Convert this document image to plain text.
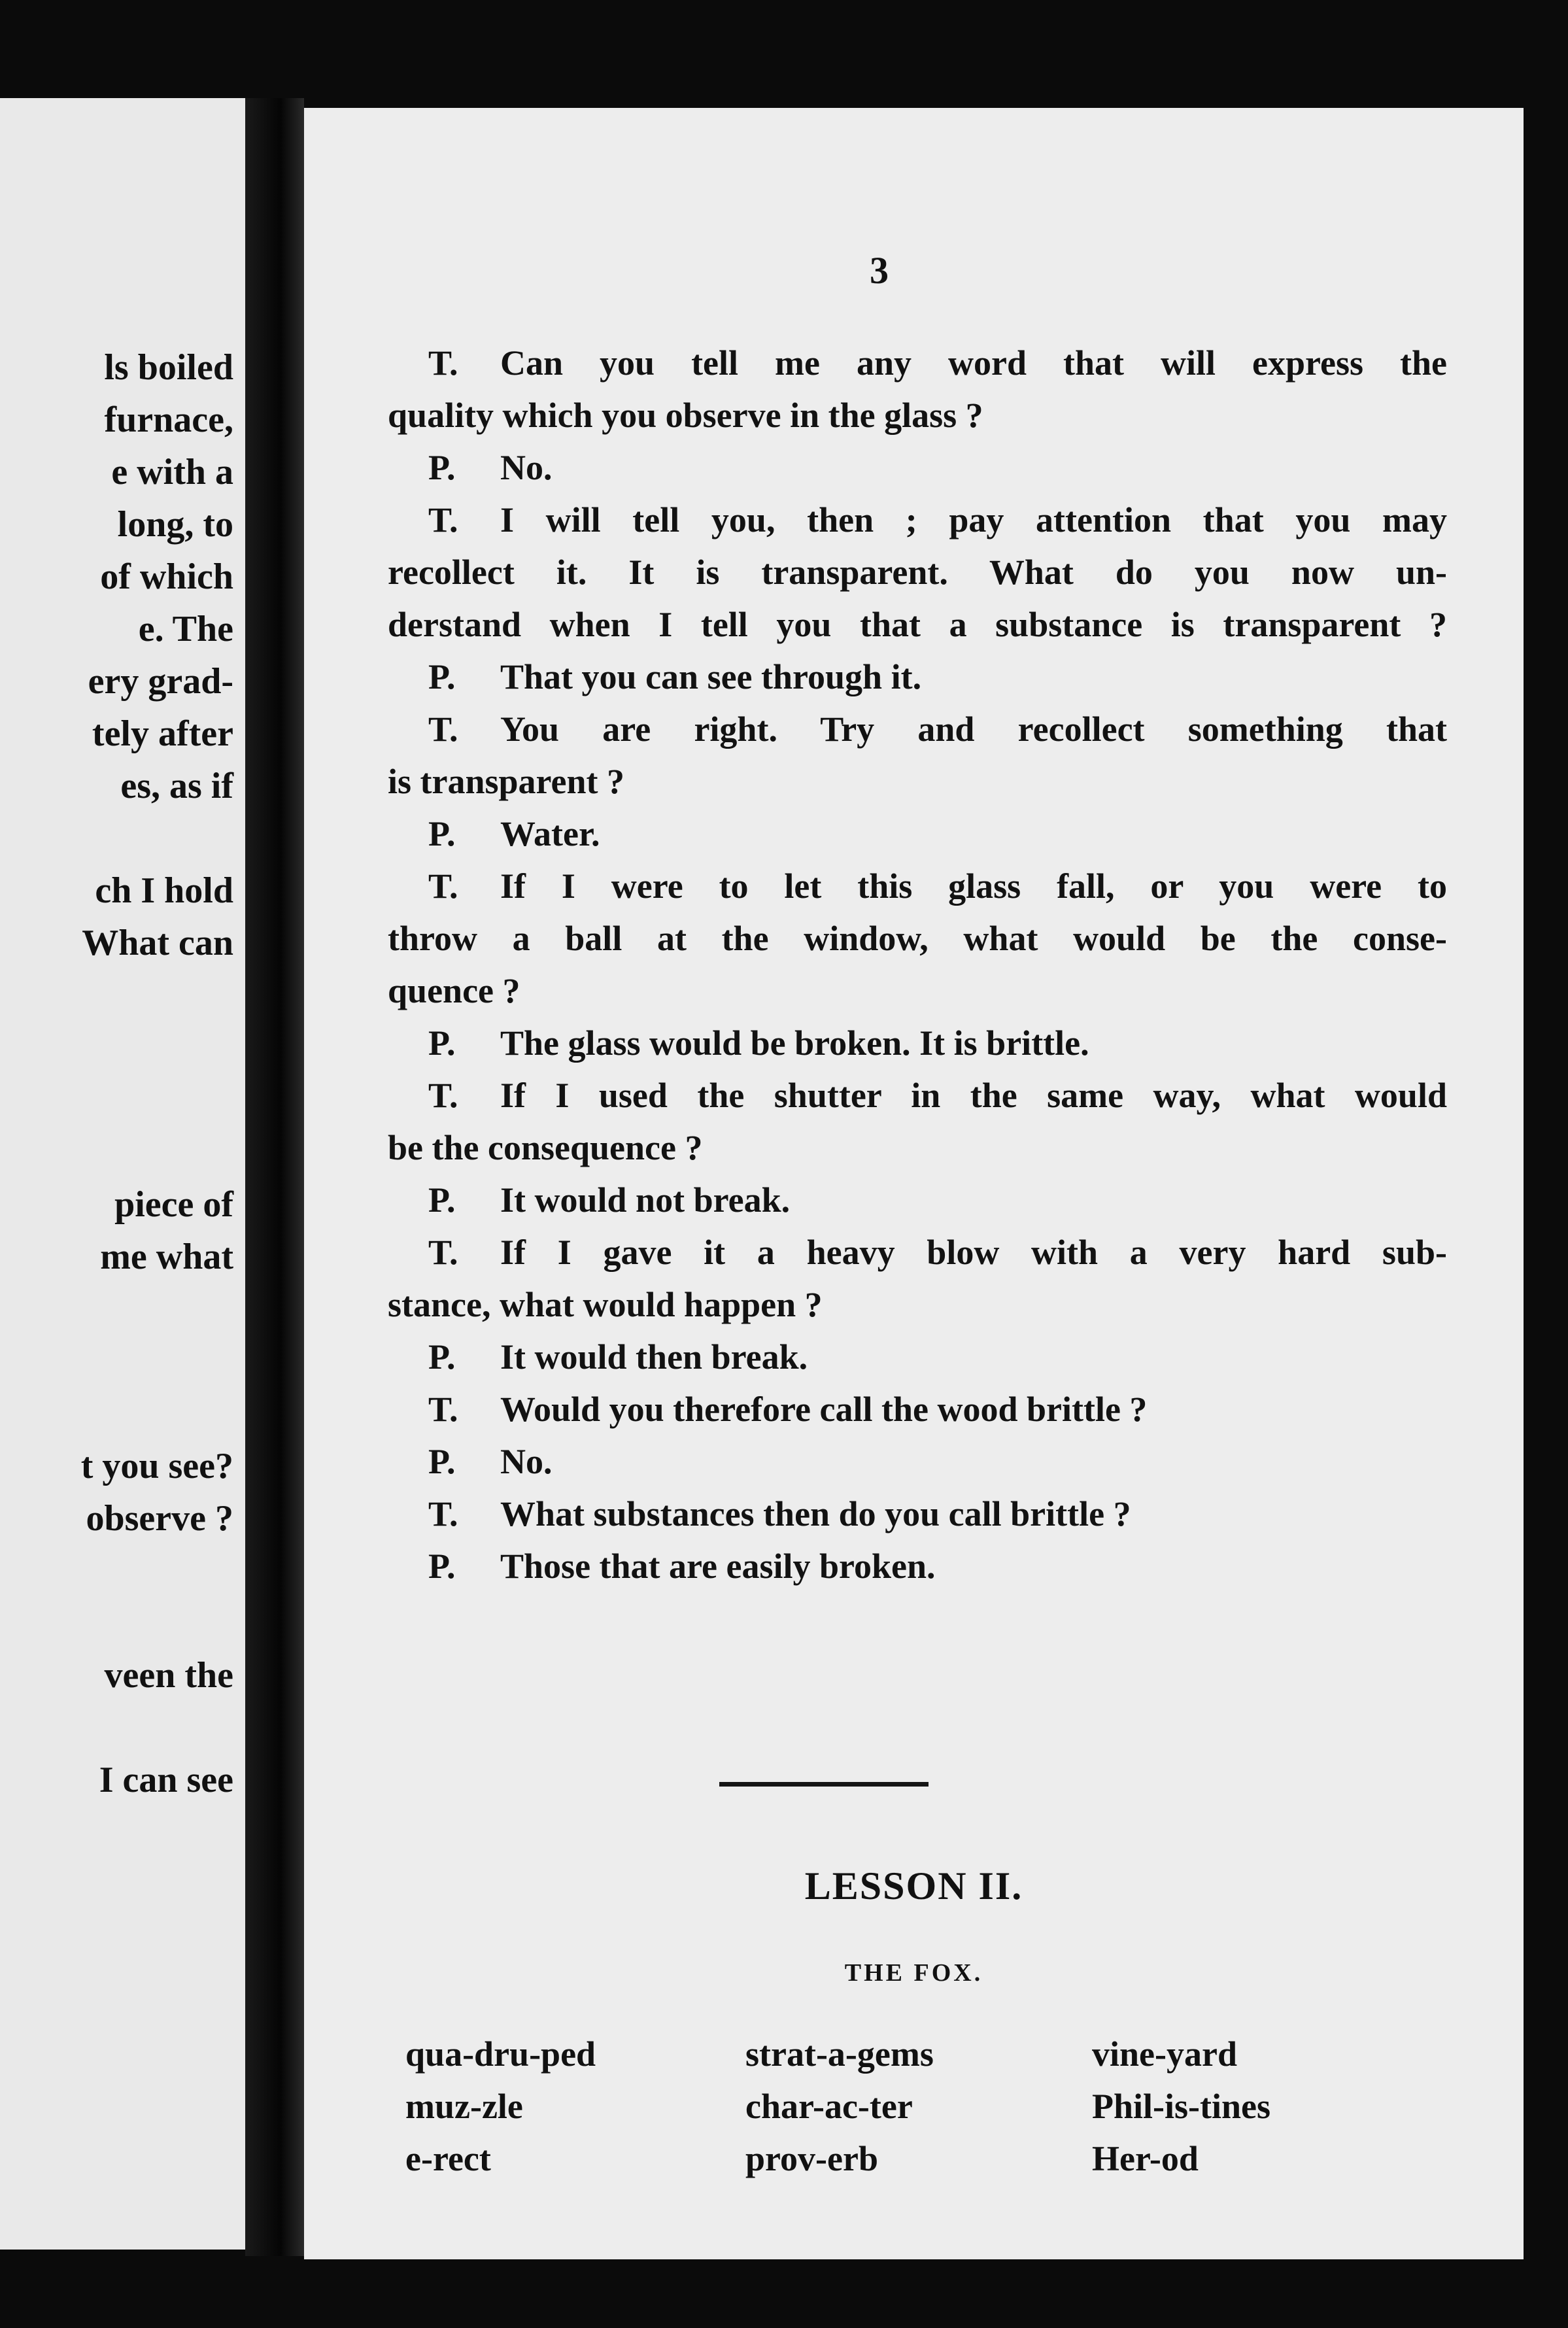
ls boiled
furnace,
e with a
long, to
of which
e. The
ery grad-
tely after
es, as if
ch I hold
What can
piece of
me what
t you see?
observe ?
veen the
I can see
3
T. Can you tell me any word that will express the
quality which you observe in the glass ?
P. No.
T. I will tell you, then ; pay attention that you may
recollect it. It is transparent. What do you now un-
derstand when I tell you that a substance is transparent ?
P. That you can see through it.
T. You are right. Try and recollect something that
is transparent ?
P. Water.
T. If I were to let this glass fall, or you were to
throw a ball at the window, what would be the conse-
quence ?
P. The glass would be broken. It is brittle.
T. If I used the shutter in the same way, what would
be the consequence ?
P. It would not break.
T. If I gave it a heavy blow with a very hard sub-
stance, what would happen ?
P. It would then break.
T. Would you therefore call the wood brittle ?
P. No.
T. What substances then do you call brittle ?
P. Those that are easily broken.
LESSON II.
THE FOX.
qua-dru-ped	strat-a-gems	vine-yard
muz-zle	char-ac-ter	Phil-is-tines
e-rect	prov-erb	Her-od
